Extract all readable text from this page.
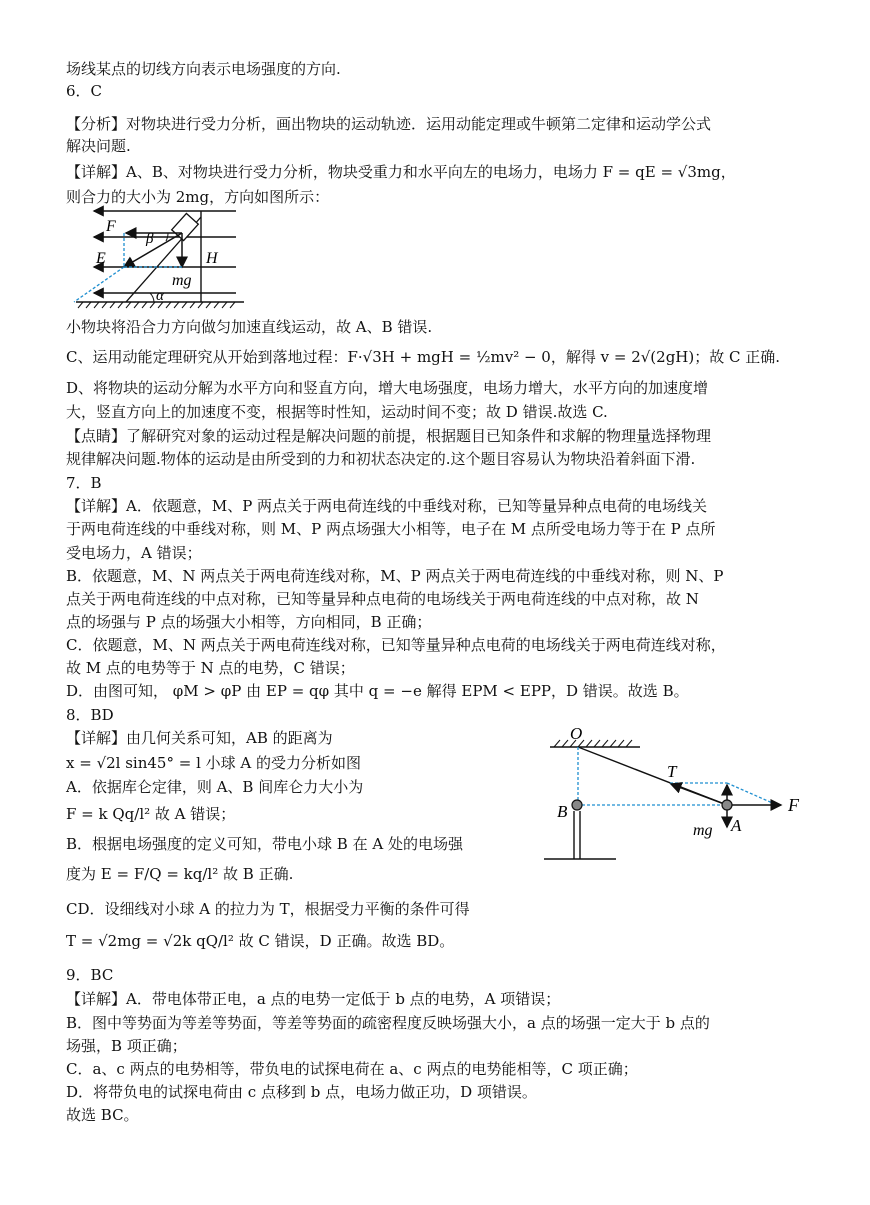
场线某点的切线方向表示电场强度的方向.
6．C
【分析】对物块进行受力分析，画出物块的运动轨迹．运用动能定理或牛顿第二定律和运动学公式
解决问题.
【详解】A、B、对物块进行受力分析，物块受重力和水平向左的电场力，电场力 F = qE = √3mg，
则合力的大小为 2mg，方向如图所示：
小物块将沿合力方向做匀加速直线运动，故 A、B 错误.
C、运用动能定理研究从开始到落地过程：F·√3H + mgH = ½mv² − 0，解得 v = 2√(2gH)；故 C 正确.
D、将物块的运动分解为水平方向和竖直方向，增大电场强度，电场力增大，水平方向的加速度增
大，竖直方向上的加速度不变，根据等时性知，运动时间不变；故 D 错误.故选 C.
【点睛】了解研究对象的运动过程是解决问题的前提，根据题目已知条件和求解的物理量选择物理
规律解决问题.物体的运动是由所受到的力和初状态决定的.这个题目容易认为物块沿着斜面下滑.
7．B
【详解】A．依题意，M、P 两点关于两电荷连线的中垂线对称，已知等量异种点电荷的电场线关
于两电荷连线的中垂线对称，则 M、P 两点场强大小相等，电子在 M 点所受电场力等于在 P 点所
受电场力，A 错误；
B．依题意，M、N 两点关于两电荷连线对称，M、P 两点关于两电荷连线的中垂线对称，则 N、P
点关于两电荷连线的中点对称，已知等量异种点电荷的电场线关于两电荷连线的中点对称，故 N
点的场强与 P 点的场强大小相等，方向相同，B 正确；
C．依题意，M、N 两点关于两电荷连线对称，已知等量异种点电荷的电场线关于两电荷连线对称，
故 M 点的电势等于 N 点的电势，C 错误；
D．由图可知， φM > φP 由 EP = qφ 其中 q = −e 解得 EPM < EPP，D 错误。故选 B。
8．BD
【详解】由几何关系可知，AB 的距离为
x = √2l sin45° = l 小球 A 的受力分析如图
A．依据库仑定律，则 A、B 间库仑力大小为
F = k Qq/l² 故 A 错误；
B．根据电场强度的定义可知，带电小球 B 在 A 处的电场强
度为 E = F/Q = kq/l² 故 B 正确.
CD．设细线对小球 A 的拉力为 T，根据受力平衡的条件可得
T = √2mg = √2k qQ/l² 故 C 错误，D 正确。故选 BD。
9．BC
【详解】A．带电体带正电，a 点的电势一定低于 b 点的电势，A 项错误；
B．图中等势面为等差等势面，等差等势面的疏密程度反映场强大小，a 点的场强一定大于 b 点的
场强，B 项正确；
C．a、c 两点的电势相等，带负电的试探电荷在 a、c 两点的电势能相等，C 项正确；
D．将带负电的试探电荷由 c 点移到 b 点，电场力做正功，D 项错误。
故选 BC。
F
β
E	H
mg
α
O
T
B	F
mg A
